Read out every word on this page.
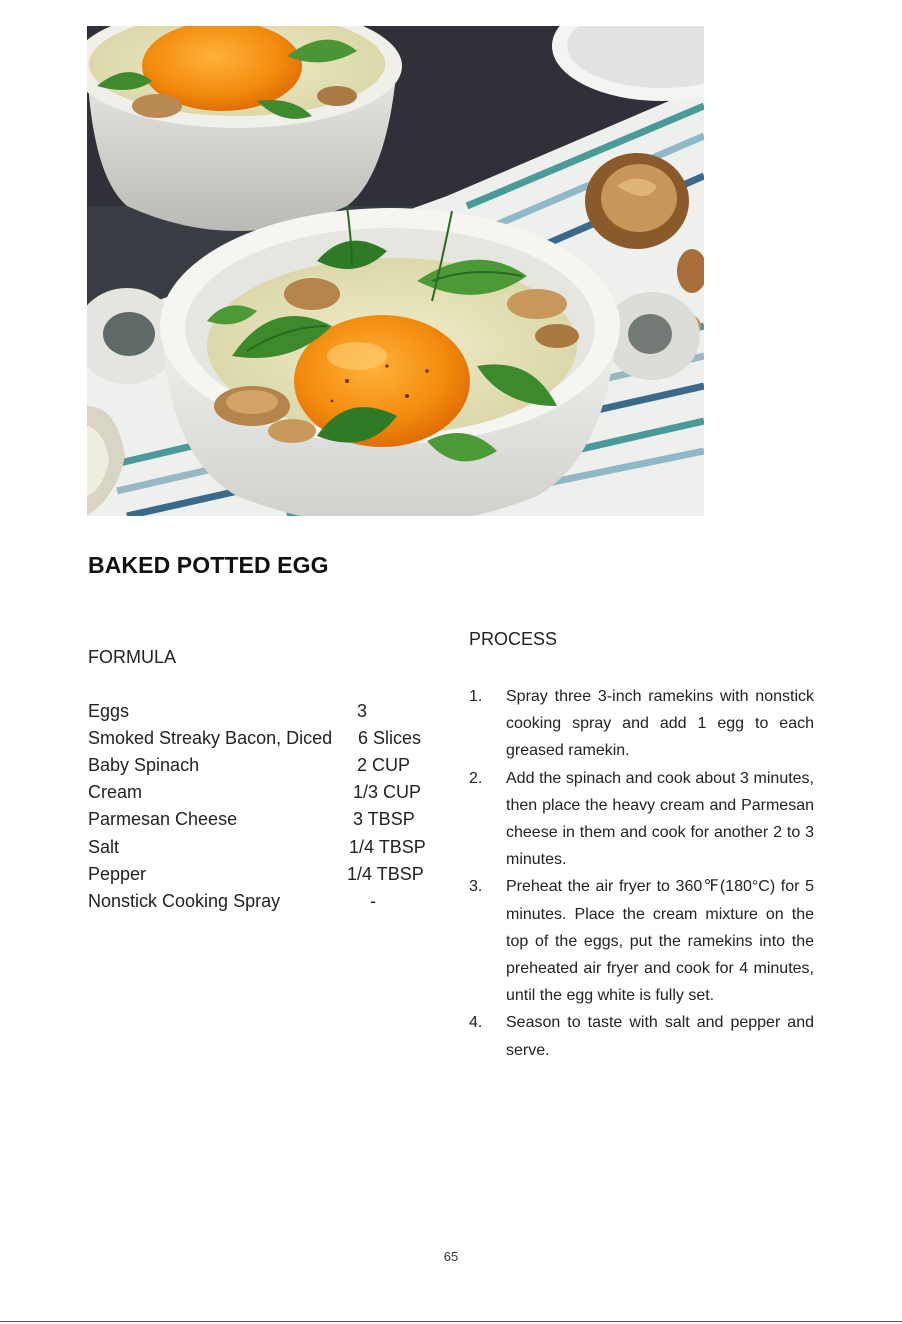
BAKED POTTED EGG
FORMULA
PROCESS
Eggs	3
Smoked Streaky Bacon, Diced 6 Slices
Baby Spinach	2 CUP
Cream	1/3 CUP
Parmesan Cheese	3 TBSP
Salt	1/4 TBSP
Pepper	1/4 TBSP
Nonstick Cooking Spray	-
1. Spray three 3-inch ramekins with nonstick cooking spray and add 1 egg to each greased ramekin.
2. Add the spinach and cook about 3 minutes, then place the heavy cream and Parmesan cheese in them and cook for another 2 to 3 minutes.
3. Preheat the air fryer to 360℉(180°C) for 5 minutes. Place the cream mixture on the top of the eggs, put the ramekins into the preheated air fryer and cook for 4 minutes, until the egg white is fully set.
4. Season to taste with salt and pepper and serve.
65
